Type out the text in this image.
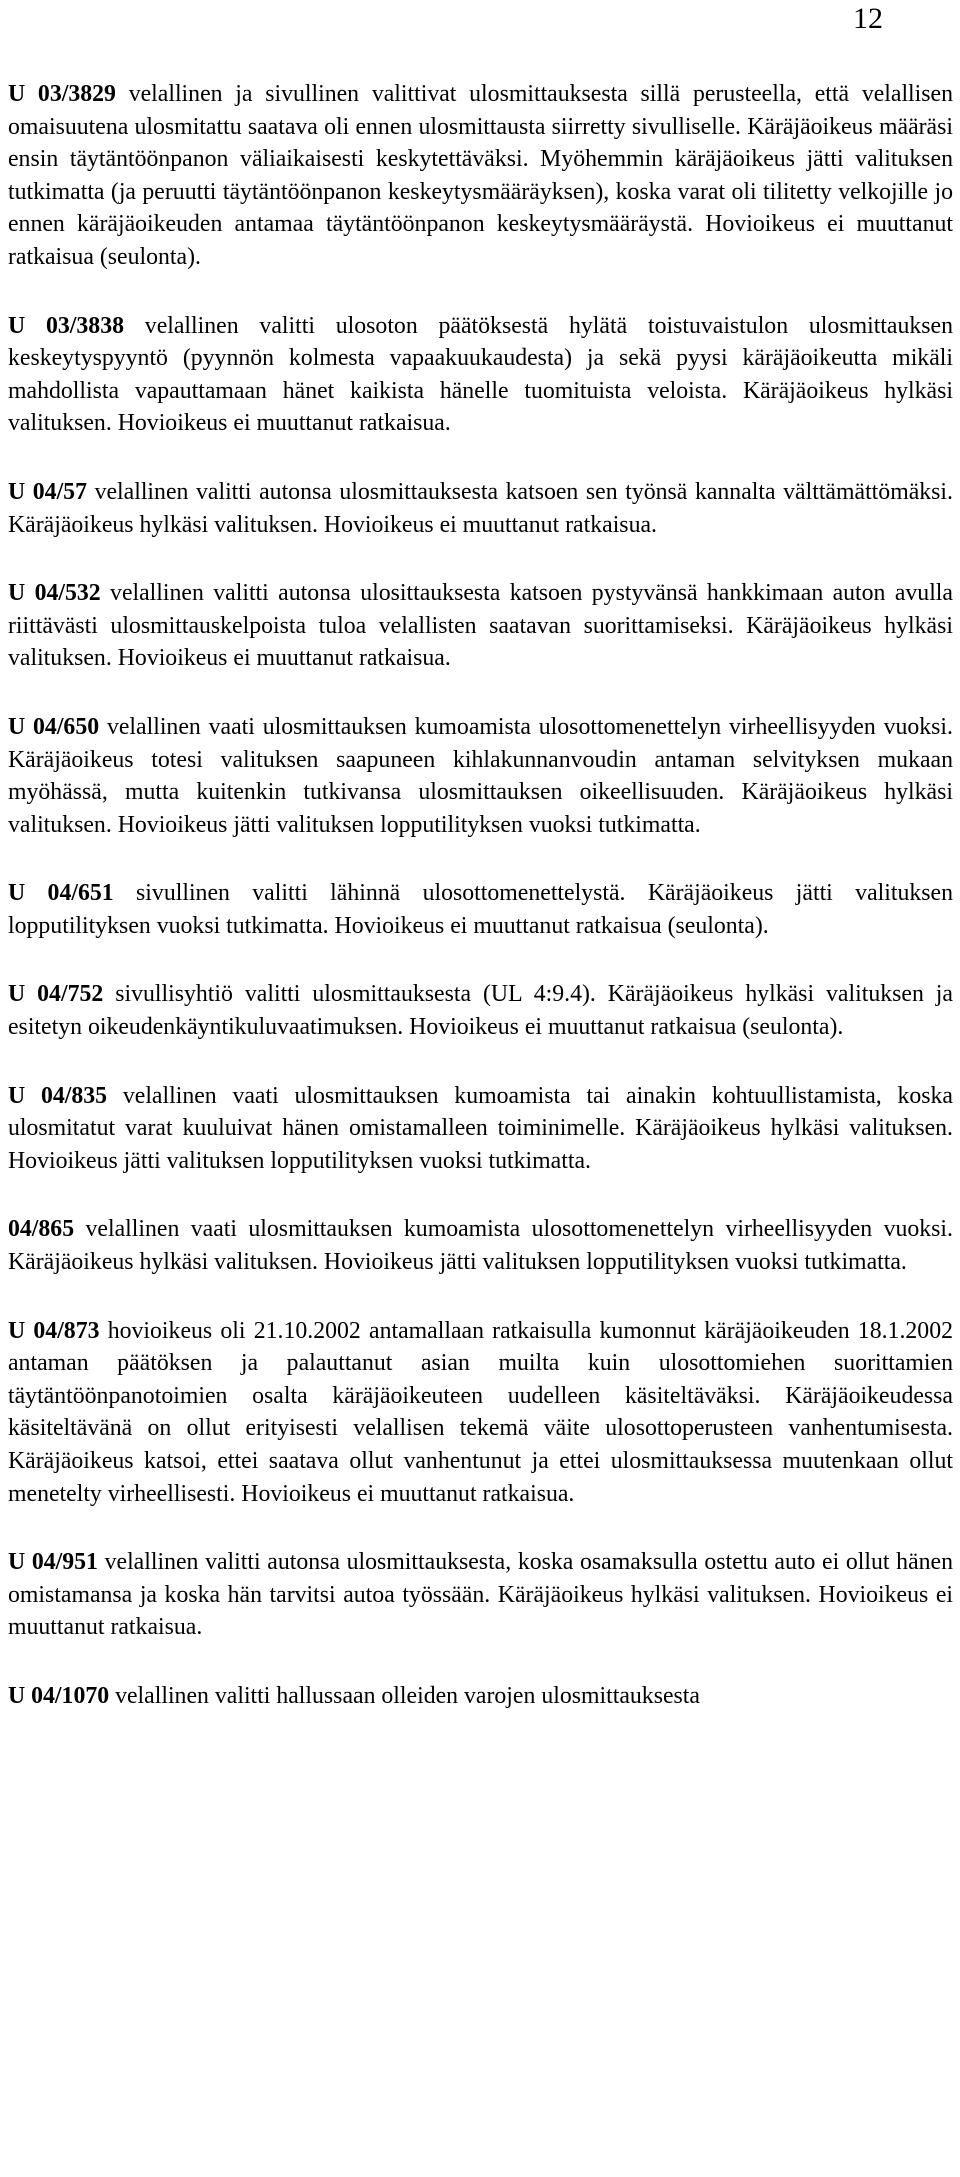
12

U 03/3829 velallinen ja sivullinen valittivat ulosmittauksesta sillä perusteella, että velallisen omaisuutena ulosmitattu saatava oli ennen ulosmittausta siirretty sivulliselle. Käräjäoikeus määräsi ensin täytäntöönpanon väliaikaisesti keskytettäväksi. Myöhemmin käräjäoikeus jätti valituksen tutkimatta (ja peruutti täytäntöönpanon keskeytysmääräyksen), koska varat oli tilitetty velkojille jo ennen käräjäoikeuden antamaa täytäntöönpanon keskeytysmääräystä. Hovioikeus ei muuttanut ratkaisua (seulonta).

U 03/3838 velallinen valitti ulosoton päätöksestä hylätä toistuvaistulon ulosmittauksen keskeytyspyyntö (pyynnön kolmesta vapaakuukaudesta) ja sekä pyysi käräjäoikeutta mikäli mahdollista vapauttamaan hänet kaikista hänelle tuomituista veloista. Käräjäoikeus hylkäsi valituksen. Hovioikeus ei muuttanut ratkaisua.

U 04/57 velallinen valitti autonsa ulosmittauksesta katsoen sen työnsä kannalta välttämättömäksi. Käräjäoikeus hylkäsi valituksen. Hovioikeus ei muuttanut ratkaisua.

U 04/532 velallinen valitti autonsa ulosittauksesta katsoen pystyvänsä hankkimaan auton avulla riittävästi ulosmittauskelpoista tuloa velallisten saatavan suorittamiseksi. Käräjäoikeus hylkäsi valituksen. Hovioikeus ei muuttanut ratkaisua.

U 04/650 velallinen vaati ulosmittauksen kumoamista ulosottomenettelyn virheellisyyden vuoksi. Käräjäoikeus totesi valituksen saapuneen kihlakunnanvoudin antaman selvityksen mukaan myöhässä, mutta kuitenkin tutkivansa ulosmittauksen oikeellisuuden. Käräjäoikeus hylkäsi valituksen. Hovioikeus jätti valituksen lopputilityksen vuoksi tutkimatta.

U 04/651 sivullinen valitti lähinnä ulosottomenettelystä. Käräjäoikeus jätti valituksen lopputilityksen vuoksi tutkimatta. Hovioikeus ei muuttanut ratkaisua (seulonta).

U 04/752 sivullisyhtiö valitti ulosmittauksesta (UL 4:9.4). Käräjäoikeus hylkäsi valituksen ja esitetyn oikeudenkäyntikuluvaatimuksen. Hovioikeus ei muuttanut ratkaisua (seulonta).

U 04/835 velallinen vaati ulosmittauksen kumoamista tai ainakin kohtuullistamista, koska ulosmitatut varat kuuluivat hänen omistamalleen toiminimelle. Käräjäoikeus hylkäsi valituksen. Hovioikeus jätti valituksen lopputilityksen vuoksi tutkimatta.

04/865 velallinen vaati ulosmittauksen kumoamista ulosottomenettelyn virheellisyyden vuoksi. Käräjäoikeus hylkäsi valituksen. Hovioikeus jätti valituksen lopputilityksen vuoksi tutkimatta.

U 04/873 hovioikeus oli 21.10.2002 antamallaan ratkaisulla kumonnut käräjäoikeuden 18.1.2002 antaman päätöksen ja palauttanut asian muilta kuin ulosottomiehen suorittamien täytäntöönpanotoimien osalta käräjäoikeuteen uudelleen käsiteltäväksi. Käräjäoikeudessa käsiteltävänä on ollut erityisesti velallisen tekemä väite ulosottoperusteen vanhentumisesta. Käräjäoikeus katsoi, ettei saatava ollut vanhentunut ja ettei ulosmittauksessa muutenkaan ollut menetelty virheellisesti. Hovioikeus ei muuttanut ratkaisua.

U 04/951 velallinen valitti autonsa ulosmittauksesta, koska osamaksulla ostettu auto ei ollut hänen omistamansa ja koska hän tarvitsi autoa työssään. Käräjäoikeus hylkäsi valituksen. Hovioikeus ei muuttanut ratkaisua.

U 04/1070 velallinen valitti hallussaan olleiden varojen ulosmittauksesta
